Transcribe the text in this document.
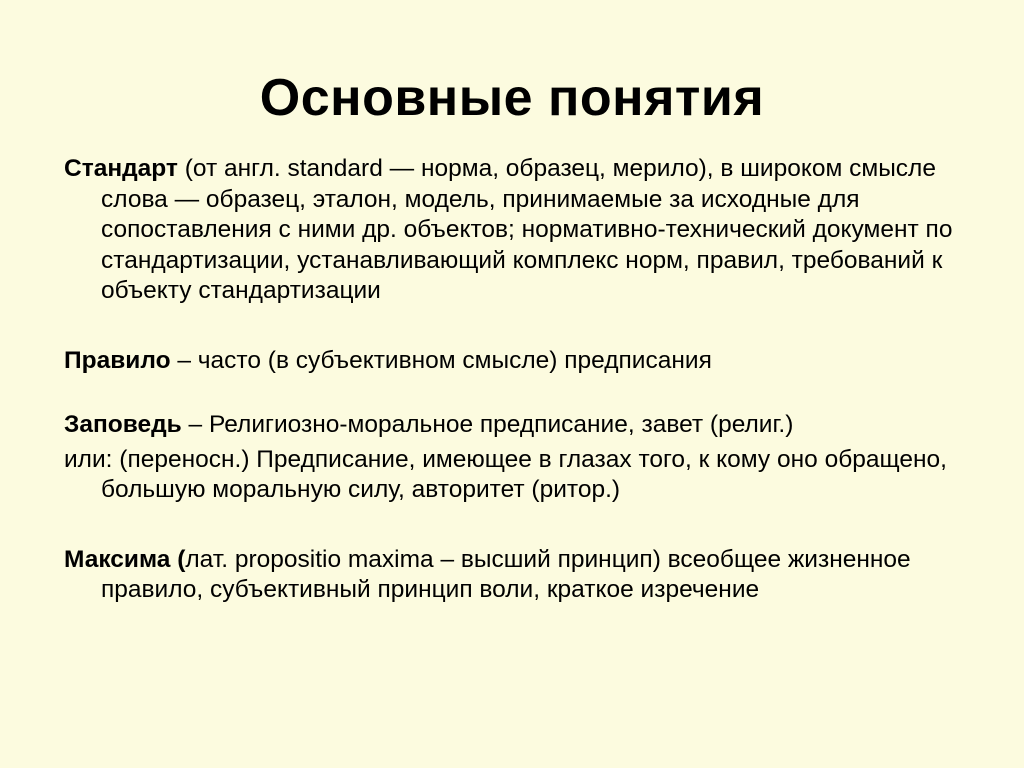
Основные понятия

Стандарт (от англ. standard — норма, образец, мерило), в широком смысле слова — образец, эталон, модель, принимаемые за исходные для сопоставления с ними др. объектов; нормативно-технический документ по стандартизации, устанавливающий комплекс норм, правил, требований к объекту стандартизации

Правило – часто (в субъективном смысле) предписания

Заповедь – Религиозно-моральное предписание, завет (религ.)

или: (переносн.) Предписание, имеющее в глазах того, к кому оно обращено, большую моральную силу, авторитет (ритор.)

Максима (лат. propositio maxima – высший принцип) всеобщее жизненное правило, субъективный принцип воли, краткое изречение
